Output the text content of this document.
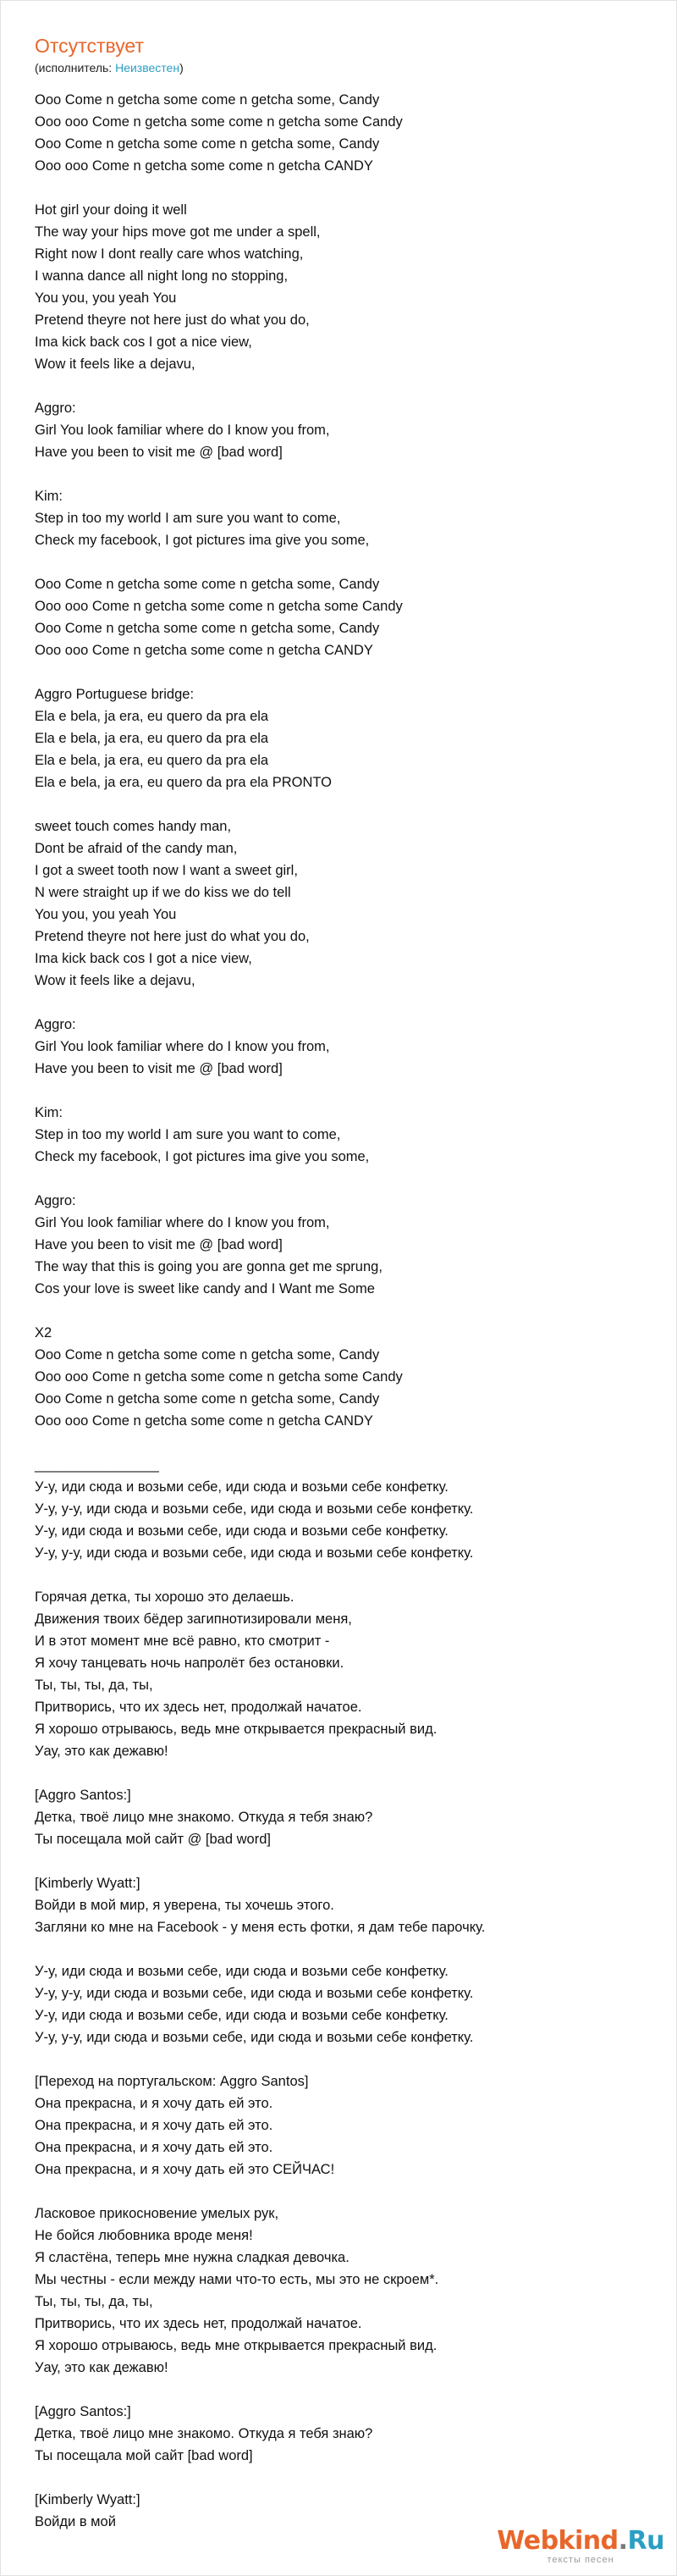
Отсутствует
(исполнитель: Неизвестен)
Ooo Come n getcha some come n getcha some, Candy
Ooo ooo Come n getcha some come n getcha some Candy
Ooo Come n getcha some come n getcha some, Candy
Ooo ooo Come n getcha some come n getcha CANDY
Hot girl your doing it well
The way your hips move got me under a spell,
Right now I dont really care whos watching,
I wanna dance all night long no stopping,
You you, you yeah You
Pretend theyre not here just do what you do,
Ima kick back cos I got a nice view,
Wow it feels like a dejavu,
Aggro:
Girl You look familiar where do I know you from,
Have you been to visit me @ [bad word]
Kim:
Step in too my world I am sure you want to come,
Check my facebook, I got pictures ima give you some,
Ooo Come n getcha some come n getcha some, Candy
Ooo ooo Come n getcha some come n getcha some Candy
Ooo Come n getcha some come n getcha some, Candy
Ooo ooo Come n getcha some come n getcha CANDY
Aggro Portuguese bridge:
Ela e bela, ja era, eu quero da pra ela
Ela e bela, ja era, eu quero da pra ela
Ela e bela, ja era, eu quero da pra ela
Ela e bela, ja era, eu quero da pra ela PRONTO
sweet touch comes handy man,
Dont be afraid of the candy man,
I got a sweet tooth now I want a sweet girl,
N were straight up if we do kiss we do tell
You you, you yeah You
Pretend theyre not here just do what you do,
Ima kick back cos I got a nice view,
Wow it feels like a dejavu,
Aggro:
Girl You look familiar where do I know you from,
Have you been to visit me @ [bad word]
Kim:
Step in too my world I am sure you want to come,
Check my facebook, I got pictures ima give you some,
Aggro:
Girl You look familiar where do I know you from,
Have you been to visit me @ [bad word]
The way that this is going you are gonna get me sprung,
Cos your love is sweet like candy and I Want me Some
X2
Ooo Come n getcha some come n getcha some, Candy
Ooo ooo Come n getcha some come n getcha some Candy
Ooo Come n getcha some come n getcha some, Candy
Ooo ooo Come n getcha some come n getcha CANDY
________________
У-у, иди сюда и возьми себе, иди сюда и возьми себе конфетку.
У-у, у-у, иди сюда и возьми себе, иди сюда и возьми себе конфетку.
У-у, иди сюда и возьми себе, иди сюда и возьми себе конфетку.
У-у, у-у, иди сюда и возьми себе, иди сюда и возьми себе конфетку.
Горячая детка, ты хорошо это делаешь.
Движения твоих бёдер загипнотизировали меня,
И в этот момент мне всё равно, кто смотрит -
Я хочу танцевать ночь напролёт без остановки.
Ты, ты, ты, да, ты,
Притворись, что их здесь нет, продолжай начатое.
Я хорошо отрываюсь, ведь мне открывается прекрасный вид.
Уау, это как дежавю!
[Aggro Santos:]
Детка, твоё лицо мне знакомо. Откуда я тебя знаю?
Ты посещала мой сайт @ [bad word]
[Kimberly Wyatt:]
Войди в мой мир, я уверена, ты хочешь этого.
Загляни ко мне на Facebook - у меня есть фотки, я дам тебе парочку.
У-у, иди сюда и возьми себе, иди сюда и возьми себе конфетку.
У-у, у-у, иди сюда и возьми себе, иди сюда и возьми себе конфетку.
У-у, иди сюда и возьми себе, иди сюда и возьми себе конфетку.
У-у, у-у, иди сюда и возьми себе, иди сюда и возьми себе конфетку.
[Переход на португальском: Aggro Santos]
Она прекрасна, и я хочу дать ей это.
Она прекрасна, и я хочу дать ей это.
Она прекрасна, и я хочу дать ей это.
Она прекрасна, и я хочу дать ей это СЕЙЧАС!
Ласковое прикосновение умелых рук,
Не бойся любовника вроде меня!
Я сластёна, теперь мне нужна сладкая девочка.
Мы честны - если между нами что-то есть, мы это не скроем*.
Ты, ты, ты, да, ты,
Притворись, что их здесь нет, продолжай начатое.
Я хорошо отрываюсь, ведь мне открывается прекрасный вид.
Уау, это как дежавю!
[Aggro Santos:]
Детка, твоё лицо мне знакомо. Откуда я тебя знаю?
Ты посещала мой сайт [bad word]
[Kimberly Wyatt:]
Войди в мой
Webkind.Ru
тексты песен
